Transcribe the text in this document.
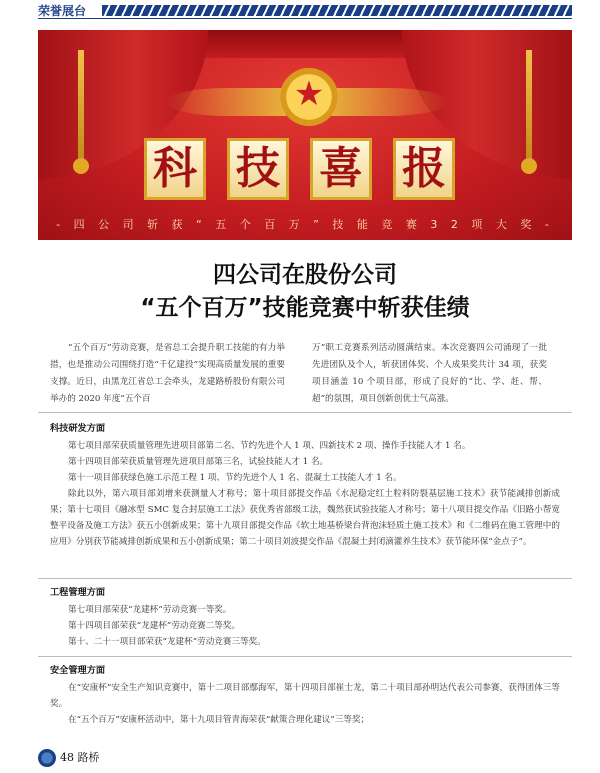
荣誉展台
★
科 技 喜 报
- 四 公 司 斩 获 “ 五 个 百 万 ” 技 能 竞 赛 3 2 项 大 奖 -
四公司在股份公司
“五个百万”技能竞赛中斩获佳绩
“五个百万”劳动竞赛，是省总工会提升职工技能的有力举措，也是推动公司围绕打造“千亿建投”实现高质量发展的重要支撑。近日，由黑龙江省总工会牵头，龙建路桥股份有限公司举办的 2020 年度“五个百
万”职工竞赛系列活动圆满结束。本次竞赛四公司涌现了一批先进团队及个人，斩获团体奖、个人成果奖共计 34 项，获奖项目涵盖 10 个项目部，形成了良好的“比、学、赶、帮、超”的氛围，项目创新创优士气高涨。
科技研发方面

第七项目部荣获质量管理先进项目部第二名、节约先进个人 1 项、四新技术 2 项、操作手技能人才 1 名。

第十四项目部荣获质量管理先进项目部第三名，试验技能人才 1 名。

第十一项目部获绿色施工示范工程 1 项、节约先进个人 1 名、混凝土工技能人才 1 名。

除此以外，第六项目部刘增来获测量人才称号；第十项目部提交作品《水泥稳定红土粒料防裂基层施工技术》获节能减排创新成果；第十七项目《融冰型 SMC 复合封层施工工法》获优秀省部级工法，魏然获试验技能人才称号；第十八项目提交作品《旧路小帮宽整平设备及施工方法》获五小创新成果；第十九项目部提交作品《软土地基桥梁台背泡沫轻质土施工技术》和《二维码在施工管理中的应用》分别获节能减排创新成果和五小创新成果；第二十项目刘波提交作品《混凝土封闭滴灌养生技术》获节能环保“金点子”。

工程管理方面

第七项目部荣获“龙建杯”劳动竞赛一等奖。

第十四项目部荣获“龙建杯”劳动竞赛二等奖。

第十、二十一项目部荣获“龙建杯”劳动竞赛三等奖。

安全管理方面

在“安康杯”安全生产知识竞赛中，第十二项目部鄢海军，第十四项目部崔士龙，第二十项目部孙明达代表公司参赛，获得团体三等奖。

在“五个百万”安康杯活动中，第十九项目管青海荣获“献策合理化建议”三等奖；

48 路桥
